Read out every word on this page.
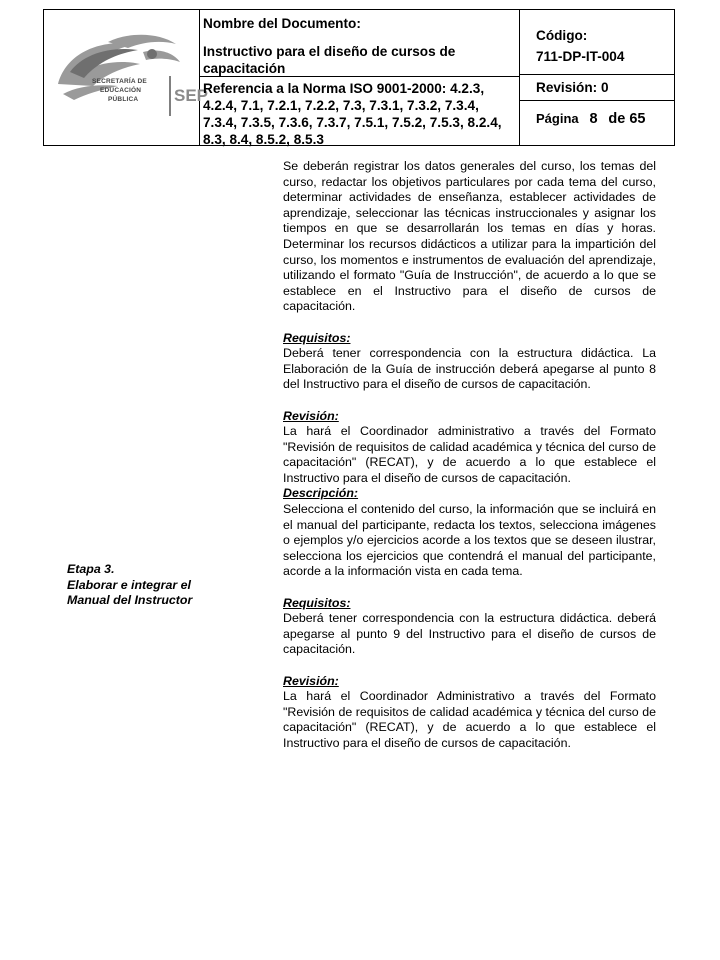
SECRETARÍA DE
EDUCACIÓN
PÚBLICA SEP
Nombre del Documento:
Instructivo para el diseño de cursos de capacitación
Referencia a la Norma ISO 9001-2000: 4.2.3, 4.2.4, 7.1, 7.2.1, 7.2.2, 7.3, 7.3.1, 7.3.2, 7.3.4, 7.3.4, 7.3.5, 7.3.6, 7.3.7, 7.5.1, 7.5.2, 7.5.3, 8.2.4, 8.3, 8.4, 8.5.2, 8.5.3
Código:
711-DP-IT-004
Revisión: 0
Página 8 de 65
Etapa 3.
Elaborar e integrar el Manual del Instructor

Se deberán registrar los datos generales del curso, los temas del curso, redactar los objetivos particulares por cada tema del curso, determinar actividades de enseñanza, establecer actividades de aprendizaje, seleccionar las técnicas instruccionales y asignar los tiempos en que se desarrollarán los temas en días y horas. Determinar los recursos didácticos a utilizar para la impartición del curso, los momentos e instrumentos de evaluación del aprendizaje, utilizando el formato "Guía de Instrucción", de acuerdo a lo que se establece en el Instructivo para el diseño de cursos de capacitación.

Requisitos:

Deberá tener correspondencia con la estructura didáctica. La Elaboración de la Guía de instrucción deberá apegarse al punto 8 del Instructivo para el diseño de cursos de capacitación.

Revisión:

La hará el Coordinador administrativo a través del Formato "Revisión de requisitos de calidad académica y técnica del curso de capacitación" (RECAT), y de acuerdo a lo que establece el Instructivo para el diseño de cursos de capacitación.

Descripción:

Selecciona el contenido del curso, la información que se incluirá en el manual del participante, redacta los textos, selecciona imágenes o ejemplos y/o ejercicios acorde a los textos que se deseen ilustrar, selecciona los ejercicios que contendrá el manual del participante, acorde a la información vista en cada tema.

Requisitos:

Deberá tener correspondencia con la estructura didáctica. deberá apegarse al punto 9 del Instructivo para el diseño de cursos de capacitación.

Revisión:

La hará el Coordinador Administrativo a través del Formato "Revisión de requisitos de calidad académica y técnica del curso de capacitación" (RECAT), y de acuerdo a lo que establece el Instructivo para el diseño de cursos de capacitación.
